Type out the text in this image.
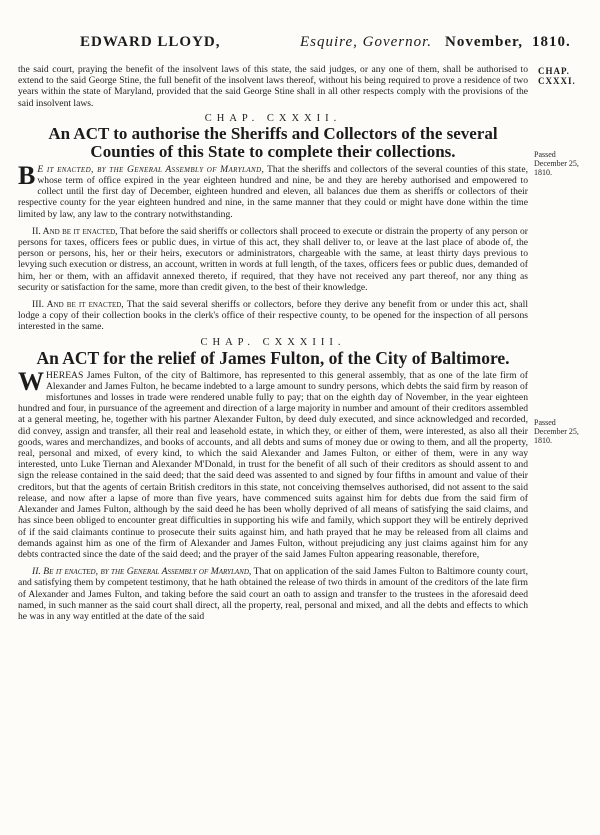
EDWARD LLOYD,	Esquire, Governor. November, 1810.
CHAP.
CXXXI.
Passed December 25, 1810.
Passed December 25, 1810.

the said court, praying the benefit of the insolvent laws of this state, the said judges, or any one of them, shall be authorised to extend to the said George Stine, the full benefit of the insolvent laws thereof, without his being required to prove a residence of two years within the state of Maryland, provided that the said George Stine shall in all other respects comply with the provisions of the said insolvent laws.

CHAP. CXXXII.
An ACT to authorise the Sheriffs and Collectors of the several Counties of this State to complete their collections.

B E it enacted, by the General Assembly of Maryland, That the sheriffs and collectors of the several counties of this state, whose term of office expired in the year eighteen hundred and nine, be and they are hereby authorised and empowered to collect until the first day of December, eighteen hundred and eleven, all balances due them as sheriffs or collectors of their respective county for the year eighteen hundred and nine, in the same manner that they could or might have done within the time limited by law, any law to the contrary notwithstanding.

II. And be it enacted, That before the said sheriffs or collectors shall proceed to execute or distrain the property of any person or persons for taxes, officers fees or public dues, in virtue of this act, they shall deliver to, or leave at the last place of abode of, the person or persons, his, her or their heirs, executors or administrators, chargeable with the same, at least thirty days previous to levying such execution or distress, an account, written in words at full length, of the taxes, officers fees or public dues, demanded of him, her or them, with an affidavit annexed thereto, if required, that they have not received any part thereof, nor any thing as security or satisfaction for the same, more than credit given, to the best of their knowledge.

III. And be it enacted, That the said several sheriffs or collectors, before they derive any benefit from or under this act, shall lodge a copy of their collection books in the clerk's office of their respective county, to be opened for the inspection of all persons interested in the same.

CHAP. CXXXIII.
An ACT for the relief of James Fulton, of the City of Baltimore.

WHEREAS James Fulton, of the city of Baltimore, has represented to this general assembly, that as one of the late firm of Alexander and James Fulton, he became indebted to a large amount to sundry persons, which debts the said firm by reason of misfortunes and losses in trade were rendered unable fully to pay; that on the eighth day of November, in the year eighteen hundred and four, in pursuance of the agreement and direction of a large majority in number and amount of their creditors assembled at a general meeting, he, together with his partner Alexander Fulton, by deed duly executed, and since acknowledged and recorded, did convey, assign and transfer, all their real and leasehold estate, in which they, or either of them, were interested, as also all their goods, wares and merchandizes, and books of accounts, and all debts and sums of money due or owing to them, and all the property, real, personal and mixed, of every kind, to which the said Alexander and James Fulton, or either of them, were in any way interested, unto Luke Tiernan and Alexander M'Donald, in trust for the benefit of all such of their creditors as should assent to and sign the release contained in the said deed; that the said deed was assented to and signed by four fifths in amount and value of their creditors, but that the agents of certain British creditors in this state, not conceiving themselves authorised, did not assent to the said release, and now after a lapse of more than five years, have commenced suits against him for debts due from the said firm of Alexander and James Fulton, although by the said deed he has been wholly deprived of all means of satisfying the said claims, and has since been obliged to encounter great difficulties in supporting his wife and family, which support they will be entirely deprived of if the said claimants continue to prosecute their suits against him, and hath prayed that he may be released from all claims and demands against him as one of the firm of Alexander and James Fulton, without prejudicing any just claims against him for any debts contracted since the date of the said deed; and the prayer of the said James Fulton appearing reasonable, therefore,

II. Be it enacted, by the General Assembly of Maryland, That on application of the said James Fulton to Baltimore county court, and satisfying them by competent testimony, that he hath obtained the release of two thirds in amount of the creditors of the late firm of Alexander and James Fulton, and taking before the said court an oath to assign and transfer to the trustees in the aforesaid deed named, in such manner as the said court shall direct, all the property, real, personal and mixed, and all the debts and effects to which he was in any way entitled at the date of the said
